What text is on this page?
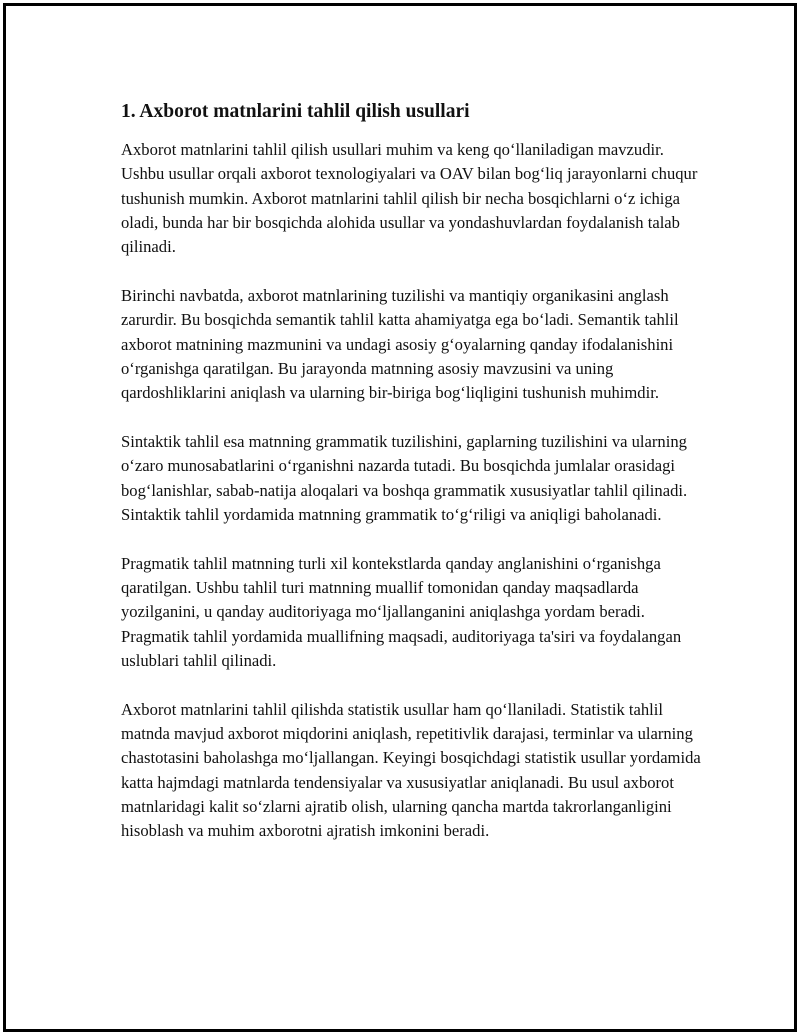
1. Axborot matnlarini tahlil qilish usullari

Axborot matnlarini tahlil qilish usullari muhim va keng qo‘llaniladigan mavzudir. Ushbu usullar orqali axborot texnologiyalari va OAV bilan bog‘liq jarayonlarni chuqur tushunish mumkin. Axborot matnlarini tahlil qilish bir necha bosqichlarni o‘z ichiga oladi, bunda har bir bosqichda alohida usullar va yondashuvlardan foydalanish talab qilinadi.

Birinchi navbatda, axborot matnlarining tuzilishi va mantiqiy organikasini anglash zarurdir. Bu bosqichda semantik tahlil katta ahamiyatga ega bo‘ladi. Semantik tahlil axborot matnining mazmunini va undagi asosiy g‘oyalarning qanday ifodalanishini o‘rganishga qaratilgan. Bu jarayonda matnning asosiy mavzusini va uning qardoshliklarini aniqlash va ularning bir-biriga bog‘liqligini tushunish muhimdir.

Sintaktik tahlil esa matnning grammatik tuzilishini, gaplarning tuzilishini va ularning o‘zaro munosabatlarini o‘rganishni nazarda tutadi. Bu bosqichda jumlalar orasidagi bog‘lanishlar, sabab-natija aloqalari va boshqa grammatik xususiyatlar tahlil qilinadi. Sintaktik tahlil yordamida matnning grammatik to‘g‘riligi va aniqligi baholanadi.

Pragmatik tahlil matnning turli xil kontekstlarda qanday anglanishini o‘rganishga qaratilgan. Ushbu tahlil turi matnning muallif tomonidan qanday maqsadlarda yozilganini, u qanday auditoriyaga mo‘ljallanganini aniqlashga yordam beradi. Pragmatik tahlil yordamida muallifning maqsadi, auditoriyaga ta'siri va foydalangan uslublari tahlil qilinadi.

Axborot matnlarini tahlil qilishda statistik usullar ham qo‘llaniladi. Statistik tahlil matnda mavjud axborot miqdorini aniqlash, repetitivlik darajasi, terminlar va ularning chastotasini baholashga mo‘ljallangan. Keyingi bosqichdagi statistik usullar yordamida katta hajmdagi matnlarda tendensiyalar va xususiyatlar aniqlanadi. Bu usul axborot matnlaridagi kalit so‘zlarni ajratib olish, ularning qancha martda takrorlanganligini hisoblash va muhim axborotni ajratish imkonini beradi.
